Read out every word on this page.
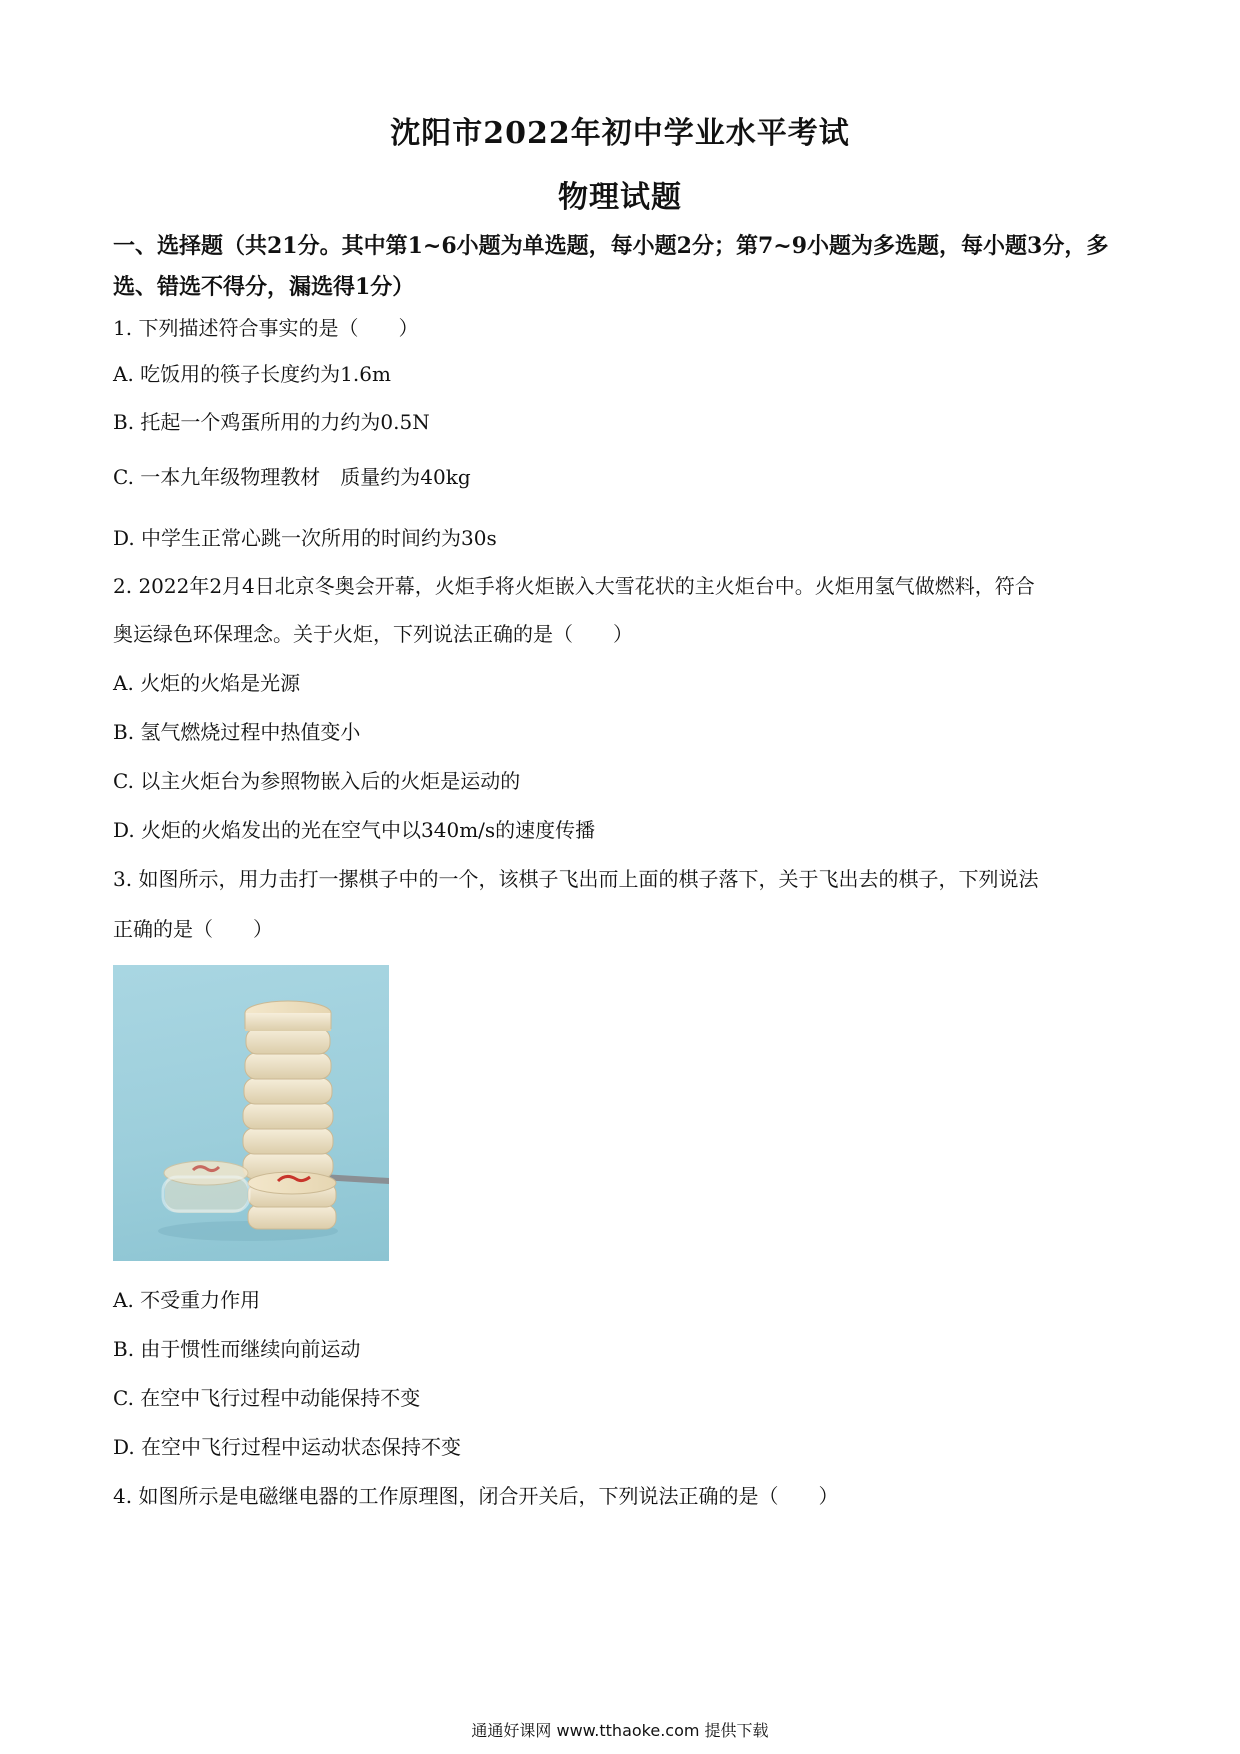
沈阳市2022年初中学业水平考试
物理试题
一、选择题（共21分。其中第1~6小题为单选题，每小题2分；第7~9小题为多选题，每小题3分，多选、错选不得分，漏选得1分）
1. 下列描述符合事实的是（　　）
A. 吃饭用的筷子长度约为1.6m
B. 托起一个鸡蛋所用的力约为0.5N
C. 一本九年级物理教材　质量约为40kg
D. 中学生正常心跳一次所用的时间约为30s
2. 2022年2月4日北京冬奥会开幕，火炬手将火炬嵌入大雪花状的主火炬台中。火炬用氢气做燃料，符合
奥运绿色环保理念。关于火炬，下列说法正确的是（　　）
A. 火炬的火焰是光源
B. 氢气燃烧过程中热值变小
C. 以主火炬台为参照物嵌入后的火炬是运动的
D. 火炬的火焰发出的光在空气中以340m/s的速度传播
3. 如图所示，用力击打一摞棋子中的一个，该棋子飞出而上面的棋子落下，关于飞出去的棋子，下列说法
正确的是（　　）
A. 不受重力作用
B. 由于惯性而继续向前运动
C. 在空中飞行过程中动能保持不变
D. 在空中飞行过程中运动状态保持不变
4. 如图所示是电磁继电器的工作原理图，闭合开关后，下列说法正确的是（　　）
通通好课网 www.tthaoke.com 提供下载
